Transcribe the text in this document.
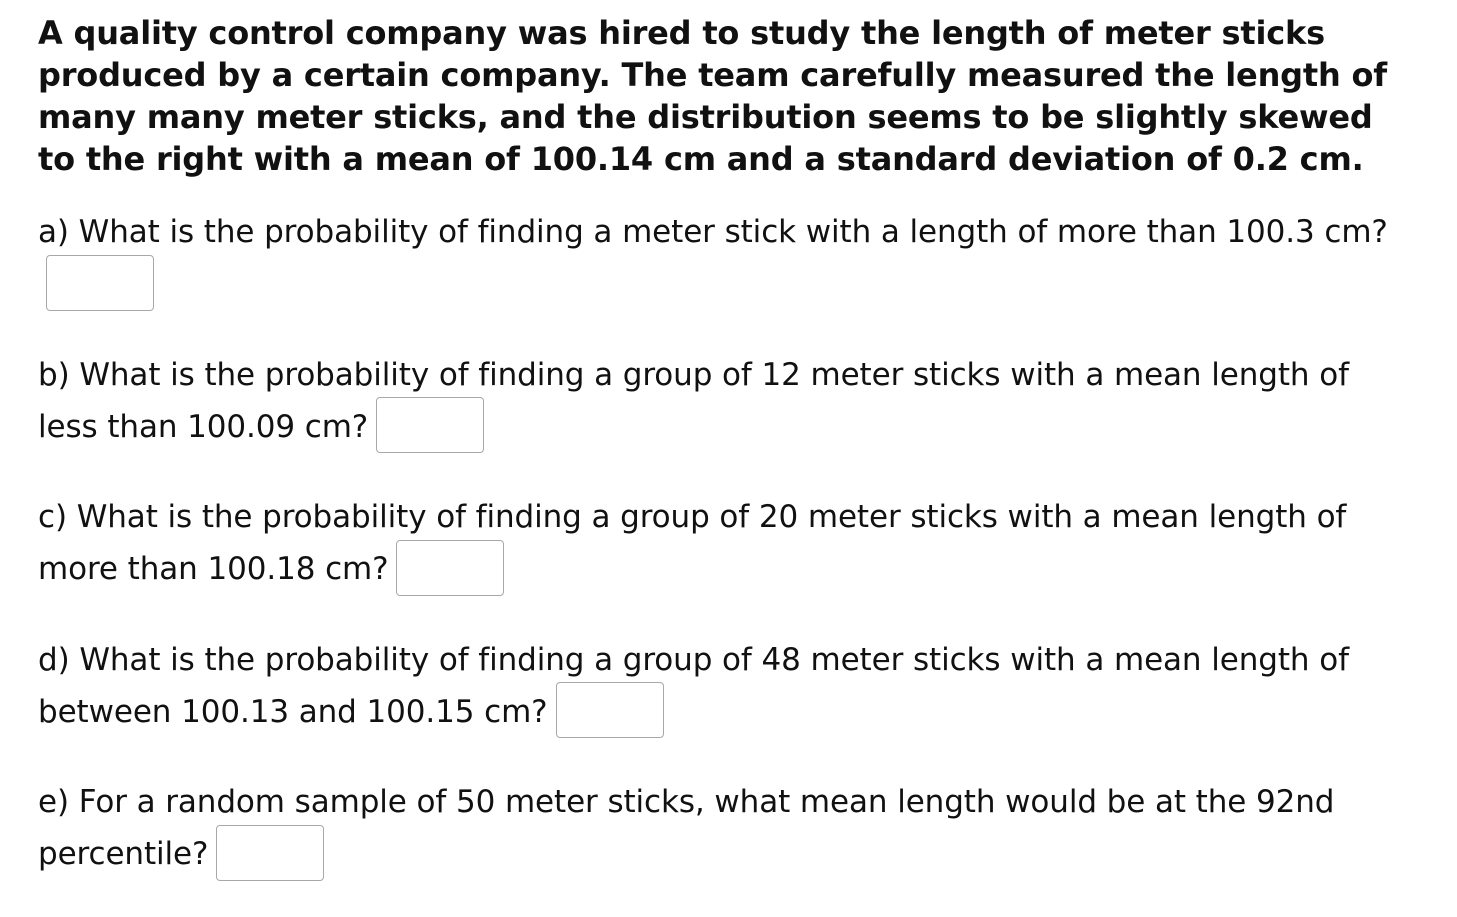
A quality control company was hired to study the length of meter sticks produced by a certain company. The team carefully measured the length of many many meter sticks, and the distribution seems to be slightly skewed to the right with a mean of 100.14 cm and a standard deviation of 0.2 cm.

a) What is the probability of finding a meter stick with a length of more than 100.3 cm?

b) What is the probability of finding a group of 12 meter sticks with a mean length of less than 100.09 cm?

c) What is the probability of finding a group of 20 meter sticks with a mean length of more than 100.18 cm?

d) What is the probability of finding a group of 48 meter sticks with a mean length of between 100.13 and 100.15 cm?

e) For a random sample of 50 meter sticks, what mean length would be at the 92nd percentile?
